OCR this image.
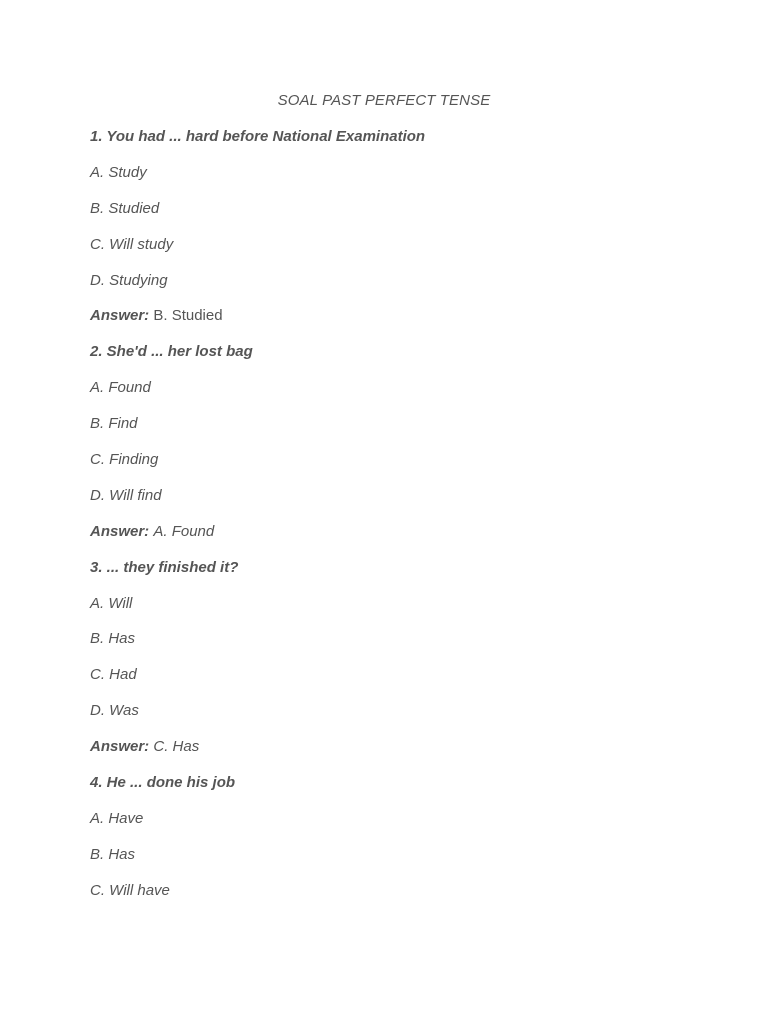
SOAL PAST PERFECT TENSE
1. You had ... hard before National Examination
A. Study
B. Studied
C. Will study
D. Studying
Answer: B. Studied
2. She'd ... her lost bag
A. Found
B. Find
C. Finding
D. Will find
Answer: A. Found
3. ... they finished it?
A. Will
B. Has
C. Had
D. Was
Answer: C. Has
4. He ... done his job
A. Have
B. Has
C. Will have
